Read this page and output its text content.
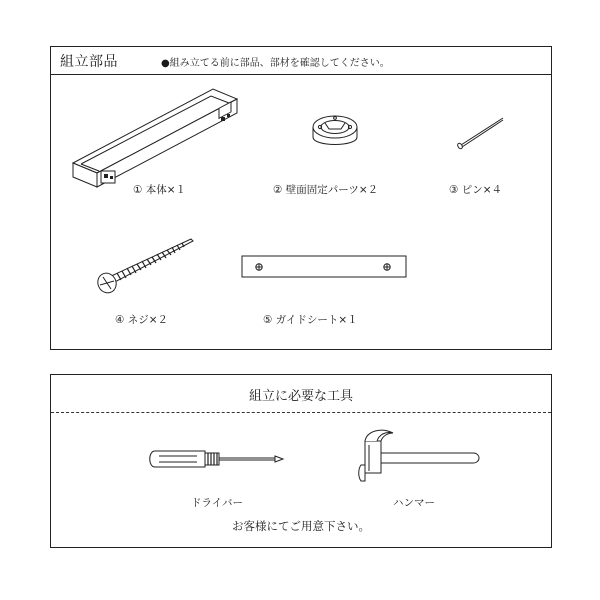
組立部品	●組み立てる前に部品、部材を確認してください。
① 本体×１	② 壁面固定パーツ×２	③ ピン×４
④ ネジ×２	⑤ ガイドシート×１
組立に必要な工具
ドライバー	ハンマー
お客様にてご用意下さい。
